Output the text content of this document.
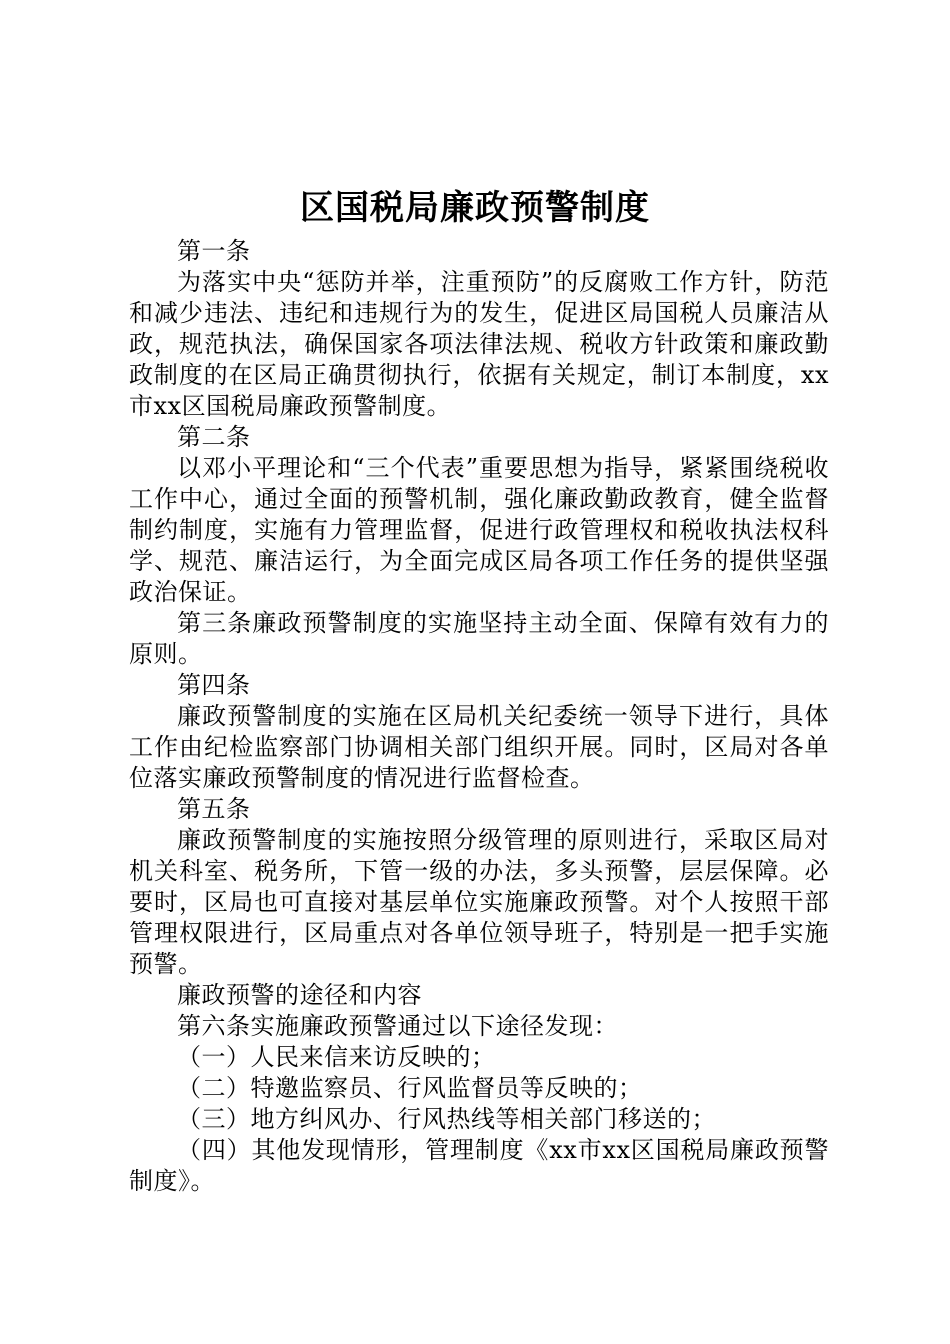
区国税局廉政预警制度

第一条

为落实中央“惩防并举，注重预防”的反腐败工作方针，防范和减少违法、违纪和违规行为的发生，促进区局国税人员廉洁从政，规范执法，确保国家各项法律法规、税收方针政策和廉政勤政制度的在区局正确贯彻执行，依据有关规定，制订本制度，xx市xx区国税局廉政预警制度。

第二条

以邓小平理论和“三个代表”重要思想为指导，紧紧围绕税收工作中心，通过全面的预警机制，强化廉政勤政教育，健全监督制约制度，实施有力管理监督，促进行政管理权和税收执法权科学、规范、廉洁运行，为全面完成区局各项工作任务的提供坚强政治保证。

第三条廉政预警制度的实施坚持主动全面、保障有效有力的原则。

第四条

廉政预警制度的实施在区局机关纪委统一领导下进行，具体工作由纪检监察部门协调相关部门组织开展。同时，区局对各单位落实廉政预警制度的情况进行监督检查。

第五条

廉政预警制度的实施按照分级管理的原则进行，采取区局对机关科室、税务所，下管一级的办法，多头预警，层层保障。必要时，区局也可直接对基层单位实施廉政预警。对个人按照干部管理权限进行，区局重点对各单位领导班子，特别是一把手实施预警。

廉政预警的途径和内容

第六条实施廉政预警通过以下途径发现：

（一）人民来信来访反映的；

（二）特邀监察员、行风监督员等反映的；

（三）地方纠风办、行风热线等相关部门移送的；

（四）其他发现情形，管理制度《xx市xx区国税局廉政预警制度》。
